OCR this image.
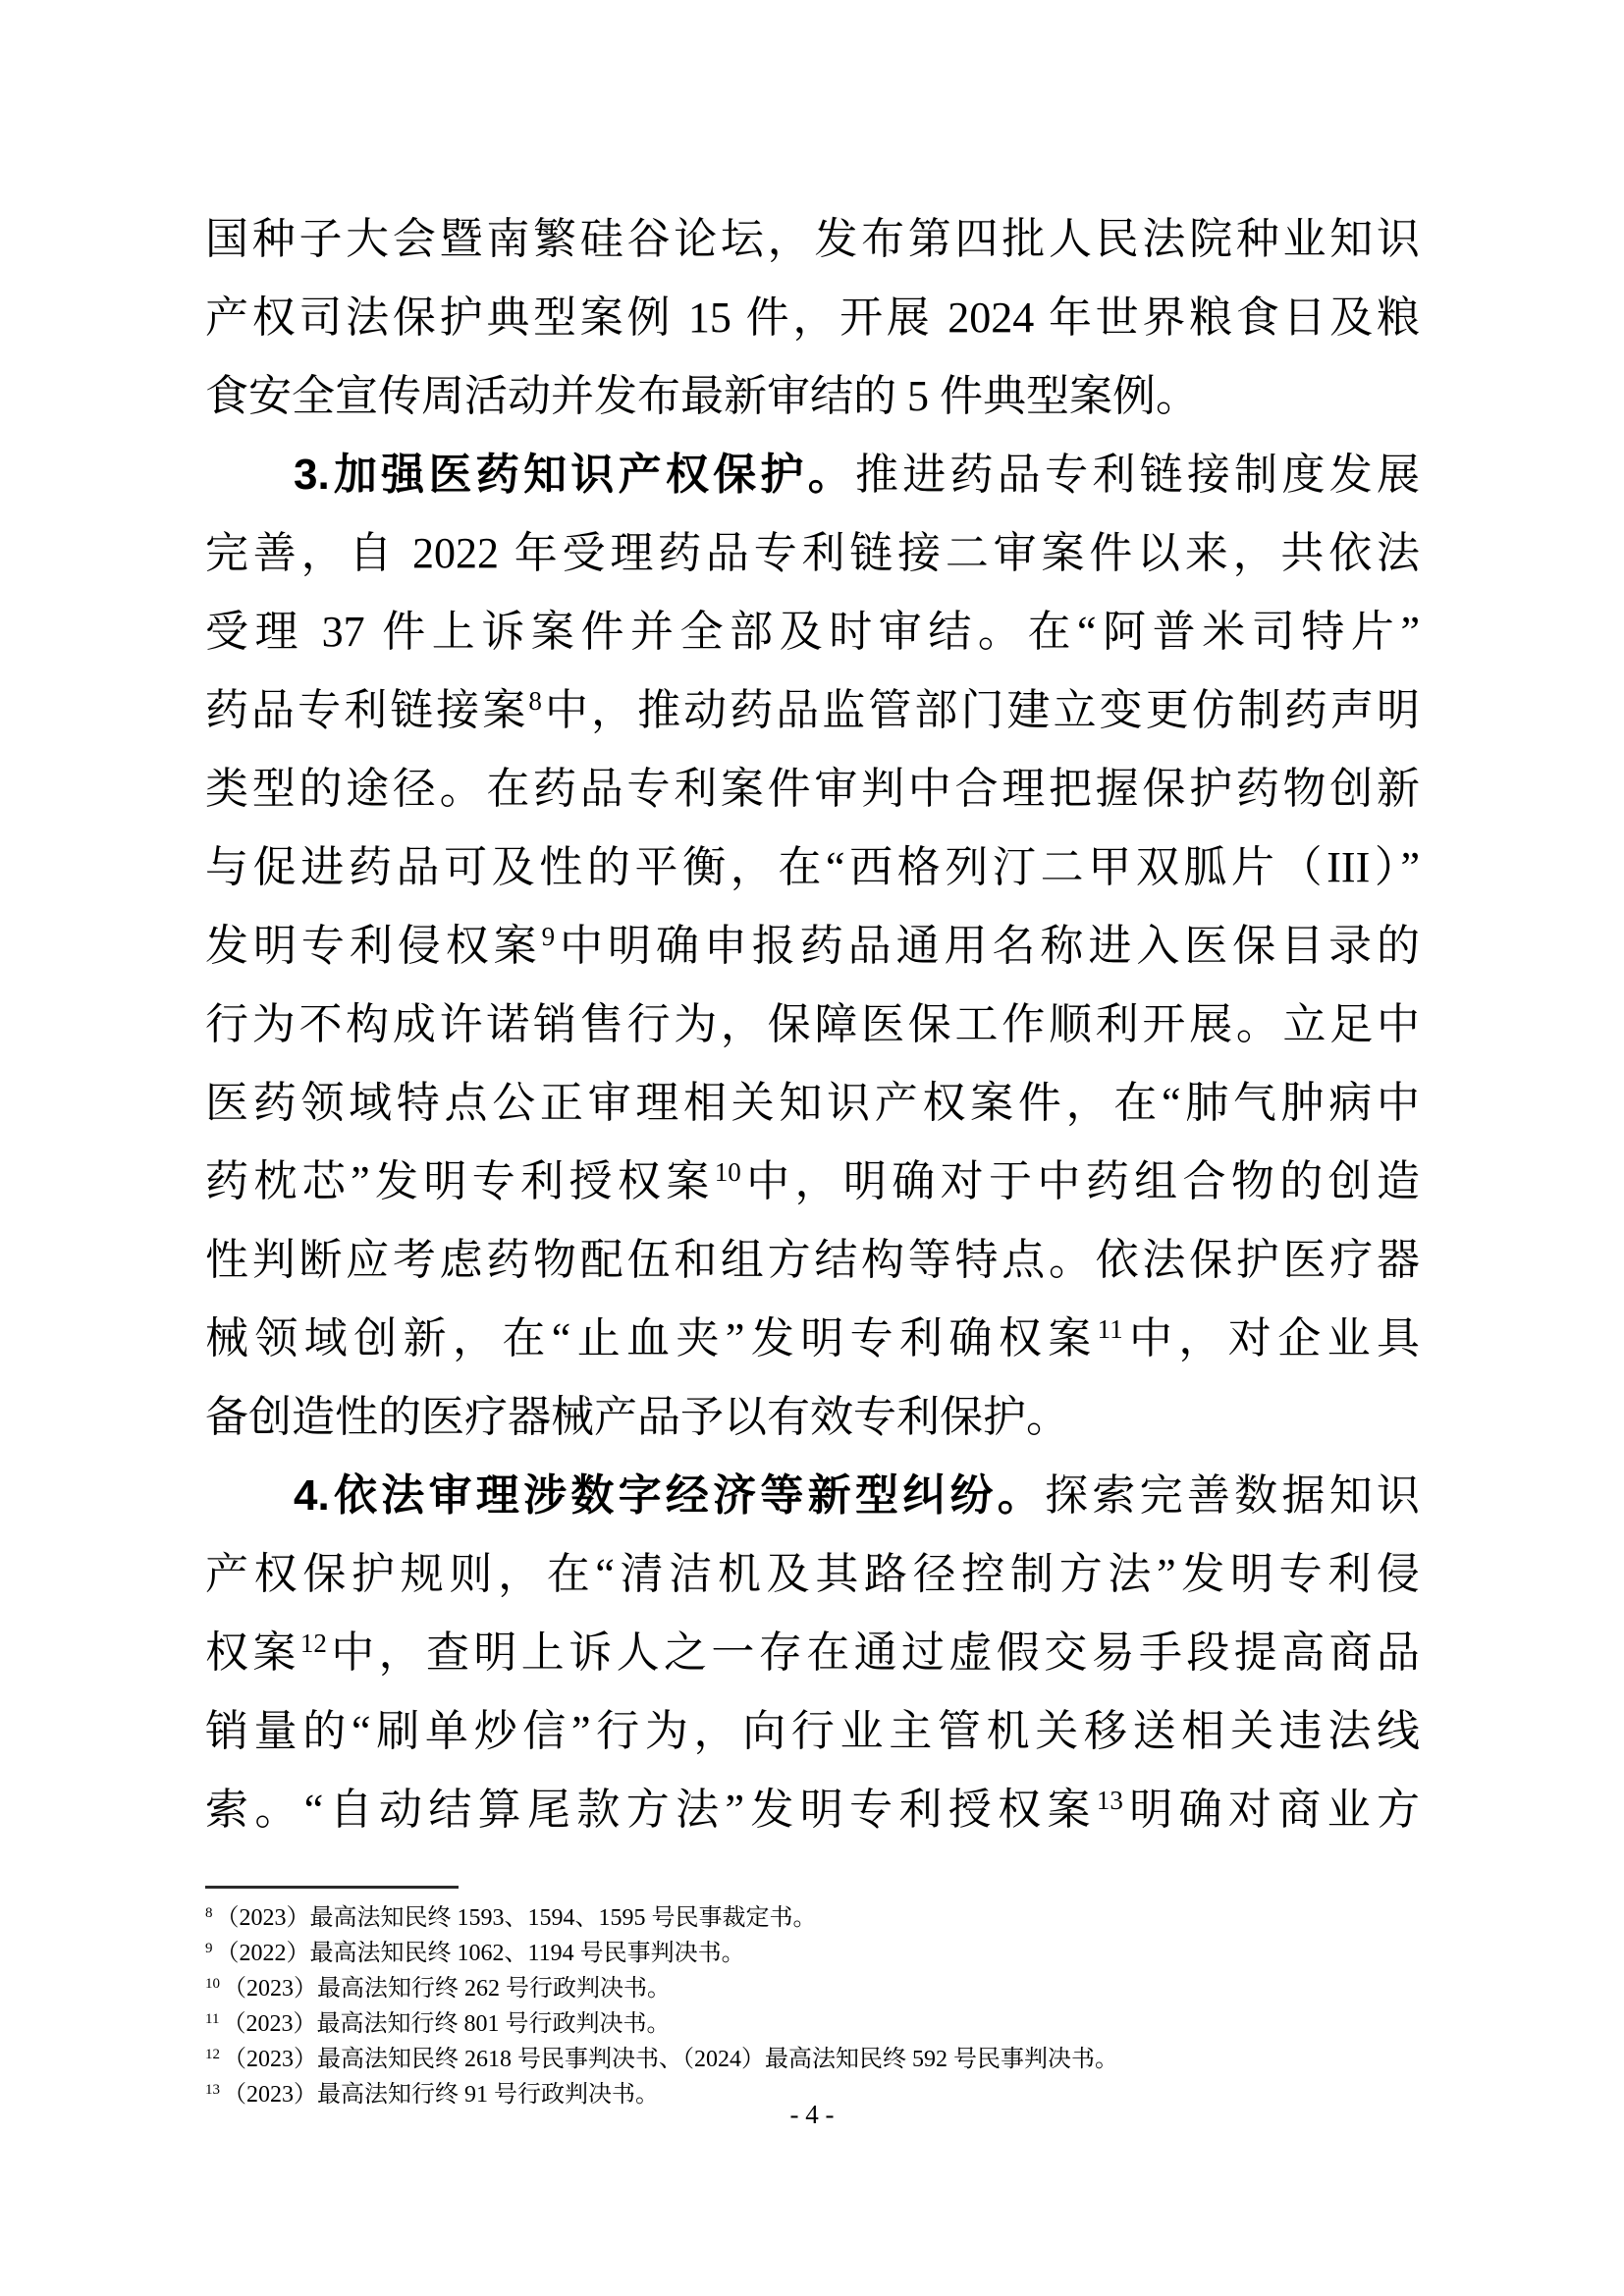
国种子大会暨南繁硅谷论坛，发布第四批人民法院种业知识
产权司法保护典型案例 15 件，开展 2024 年世界粮食日及粮
食安全宣传周活动并发布最新审结的 5 件典型案例。
3.加强医药知识产权保护。推进药品专利链接制度发展
完善，自 2022 年受理药品专利链接二审案件以来，共依法
受理 37 件上诉案件并全部及时审结。在“阿普米司特片”
药品专利链接案$^8$中，推动药品监管部门建立变更仿制药声明
类型的途径。在药品专利案件审判中合理把握保护药物创新
与促进药品可及性的平衡，在“西格列汀二甲双胍片（III）”
发明专利侵权案$^9$中明确申报药品通用名称进入医保目录的
行为不构成许诺销售行为，保障医保工作顺利开展。立足中
医药领域特点公正审理相关知识产权案件，在“肺气肿病中
药枕芯”发明专利授权案$^{10}$中，明确对于中药组合物的创造
性判断应考虑药物配伍和组方结构等特点。依法保护医疗器
械领域创新，在“止血夹”发明专利确权案$^{11}$中，对企业具
备创造性的医疗器械产品予以有效专利保护。
4.依法审理涉数字经济等新型纠纷。探索完善数据知识
产权保护规则，在“清洁机及其路径控制方法”发明专利侵
权案$^{12}$中，查明上诉人之一存在通过虚假交易手段提高商品
销量的“刷单炒信”行为，向行业主管机关移送相关违法线
索。“自动结算尾款方法”发明专利授权案$^{13}$明确对商业方
$^8$ （2023）最高法知民终 1593、1594、1595 号民事裁定书。
$^9$ （2022）最高法知民终 1062、1194 号民事判决书。
$^{10}$ （2023）最高法知行终 262 号行政判决书。
$^{11}$ （2023）最高法知行终 801 号行政判决书。
$^{12}$ （2023）最高法知民终 2618 号民事判决书、（2024）最高法知民终 592 号民事判决书。
$^{13}$ （2023）最高法知行终 91 号行政判决书。
- 4 -
